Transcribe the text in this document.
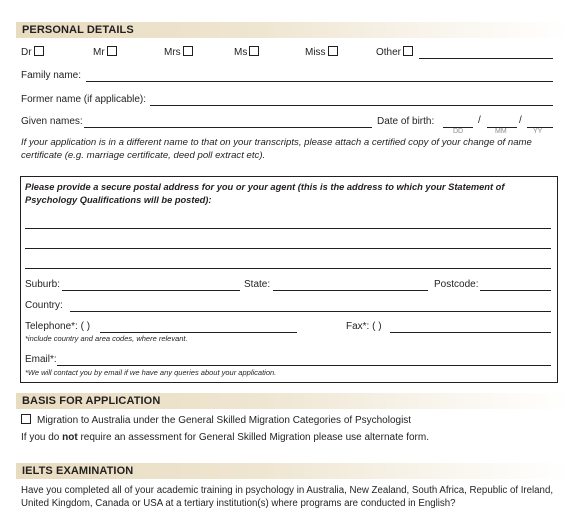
PERSONAL DETAILS
Dr	Mr	Mrs	Ms	Miss	Other
Family name:
Former name (if applicable):
Given names:	Date of birth:	/	/
DD	MM	YY
If your application is in a different name to that on your transcripts, please attach a certified copy of your change of name certificate (e.g. marriage certificate, deed poll extract etc).
Please provide a secure postal address for you or your agent (this is the address to which your Statement of Psychology Qualifications will be posted):
Suburb:	State:	Postcode:
Country:
Telephone*: ( )
*include country and area codes, where relevant.
Fax*: ( )
Email*:
*We will contact you by email if we have any queries about your application.
BASIS FOR APPLICATION
Migration to Australia under the General Skilled Migration Categories of Psychologist
If you do not require an assessment for General Skilled Migration please use alternate form.
IELTS EXAMINATION
Have you completed all of your academic training in psychology in Australia, New Zealand, South Africa, Republic of Ireland, United Kingdom, Canada or USA at a tertiary institution(s) where programs are conducted in English?
